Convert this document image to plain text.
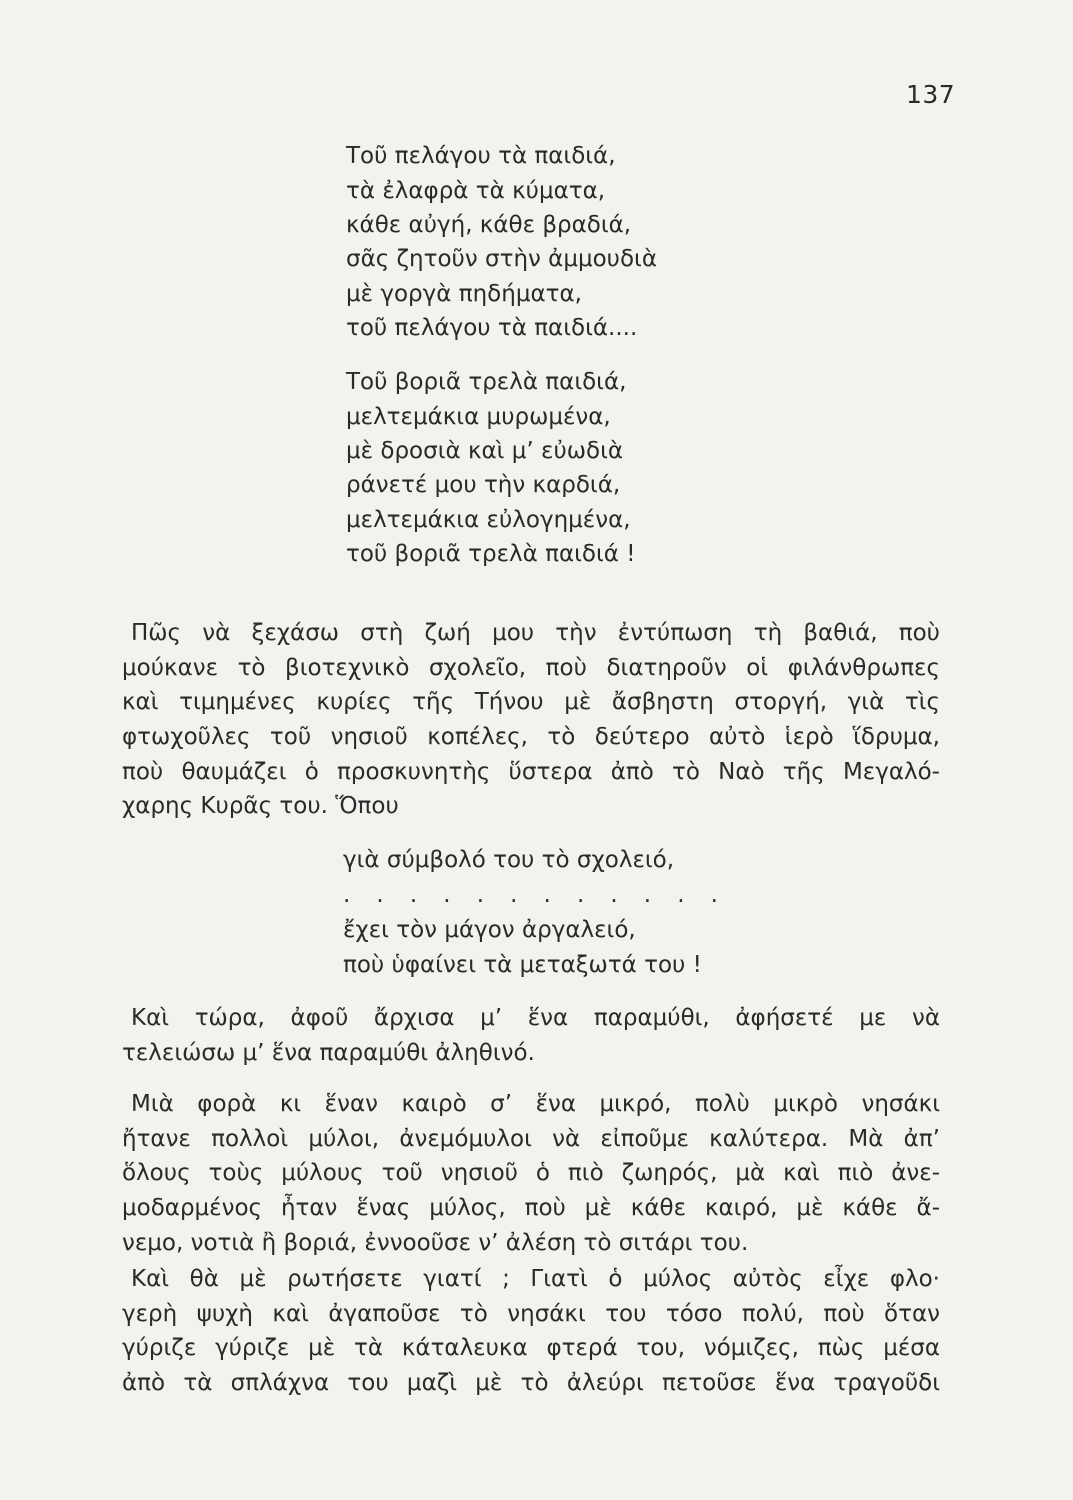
137
Τοῦ πελάγου τὰ παιδιά,
τὰ ἐλαφρὰ τὰ κύματα,
κάθε αὐγή, κάθε βραδιά,
σᾶς ζητοῦν στὴν ἀμμουδιὰ
μὲ γοργὰ πηδήματα,
τοῦ πελάγου τὰ παιδιά....
Τοῦ βοριᾶ τρελὰ παιδιά,
μελτεμάκια μυρωμένα,
μὲ δροσιὰ καὶ μ’ εὐωδιὰ
ράνετέ μου τὴν καρδιά,
μελτεμάκια εὐλογημένα,
τοῦ βοριᾶ τρελὰ παιδιά !
Πῶς νὰ ξεχάσω στὴ ζωή μου τὴν ἐντύπωση τὴ βαθιά, ποὺ
μούκανε τὸ βιοτεχνικὸ σχολεῖο, ποὺ διατηροῦν οἱ φιλάνθρωπες
καὶ τιμημένες κυρίες τῆς Τήνου μὲ ἄσβηστη στοργή, γιὰ τὶς
φτωχοῦλες τοῦ νησιοῦ κοπέλες, τὸ δεύτερο αὐτὸ ἱερὸ ἵδρυμα,
ποὺ θαυμάζει ὁ προσκυνητὴς ὕστερα ἀπὸ τὸ Ναὸ τῆς Μεγαλό-
χαρης Κυρᾶς του. Ὅπου
γιὰ σύμβολό του τὸ σχολειό,
. . . . . . . . . . . .
ἔχει τὸν μάγον ἀργαλειό,
ποὺ ὑφαίνει τὰ μεταξωτά του !
Καὶ τώρα, ἀφοῦ ἄρχισα μ’ ἕνα παραμύθι, ἀφήσετέ με νὰ
τελειώσω μ’ ἕνα παραμύθι ἀληθινό.
Μιὰ φορὰ κι ἕναν καιρὸ σ’ ἕνα μικρό, πολὺ μικρὸ νησάκι
ἤτανε πολλοὶ μύλοι, ἀνεμόμυλοι νὰ εἰποῦμε καλύτερα. Μὰ ἀπ’
ὅλους τοὺς μύλους τοῦ νησιοῦ ὁ πιὸ ζωηρός, μὰ καὶ πιὸ ἀνε-
μοδαρμένος ἦταν ἕνας μύλος, ποὺ μὲ κάθε καιρό, μὲ κάθε ἄ-
νεμο, νοτιὰ ἢ βοριά, ἐννοοῦσε ν’ ἀλέση τὸ σιτάρι του.
Καὶ θὰ μὲ ρωτήσετε γιατί ; Γιατὶ ὁ μύλος αὐτὸς εἶχε φλο·
γερὴ ψυχὴ καὶ ἀγαποῦσε τὸ νησάκι του τόσο πολύ, ποὺ ὅταν
γύριζε γύριζε μὲ τὰ κάταλευκα φτερά του, νόμιζες, πὼς μέσα
ἀπὸ τὰ σπλάχνα του μαζὶ μὲ τὸ ἀλεύρι πετοῦσε ἕνα τραγοῦδι
